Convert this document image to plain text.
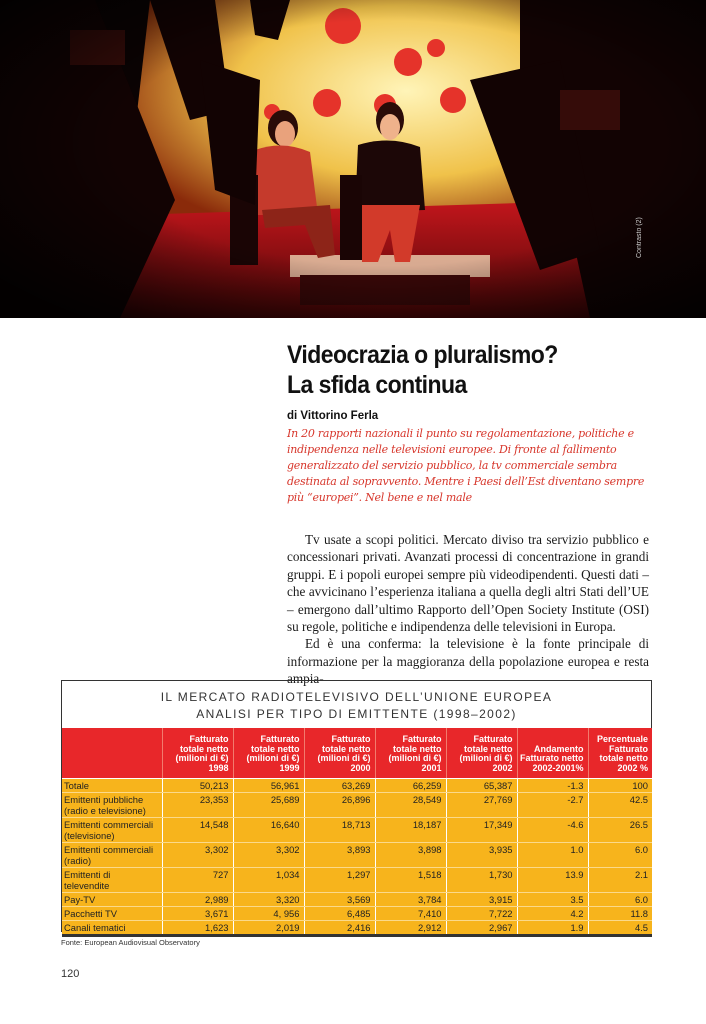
Contrasto (2)
Videocrazia o pluralismo?
La sfida continua
di Vittorino Ferla

In 20 rapporti nazionali il punto su regolamentazione, politiche e indipendenza nelle televisioni europee. Di fronte al fallimento generalizzato del servizio pubblico, la tv commerciale sembra destinata al sopravvento. Mentre i Paesi dell’Est diventano sempre più “europei”. Nel bene e nel male

Tv usate a scopi politici. Mercato diviso tra servizio pubblico e concessionari privati. Avanzati processi di concentrazione in grandi gruppi. E i popoli europei sempre più videodipendenti. Questi dati – che avvicinano l’esperienza italiana a quella degli altri Stati dell’UE – emergono dall’ultimo Rapporto dell’Open Society Institute (OSI) su regole, politiche e indipendenza delle televisioni in Europa.

Ed è una conferma: la televisione è la fonte principale di informazione per la maggioranza della popolazione europea e resta ampia-

IL MERCATO RADIOTELEVISIVO DELL’UNIONE EUROPEA
ANALISI PER TIPO DI EMITTENTE (1998–2002)
	Fatturato totale netto (milioni di €) 1998	Fatturato totale netto (milioni di €) 1999	Fatturato totale netto (milioni di €) 2000	Fatturato totale netto (milioni di €) 2001	Fatturato totale netto (milioni di €) 2002	Andamento Fatturato netto 2002-2001%	Percentuale Fatturato totale netto 2002 %
Totale	50,213	56,961	63,269	66,259	65,387	-1.3	100
Emittenti pubbliche (radio e televisione)	23,353	25,689	26,896	28,549	27,769	-2.7	42.5
Emittenti commerciali (televisione)	14,548	16,640	18,713	18,187	17,349	-4.6	26.5
Emittenti commerciali (radio)	3,302	3,302	3,893	3,898	3,935	1.0	6.0
Emittenti di televendite	727	1,034	1,297	1,518	1,730	13.9	2.1
Pay-TV	2,989	3,320	3,569	3,784	3,915	3.5	6.0
Pacchetti TV	3,671	4, 956	6,485	7,410	7,722	4.2	11.8
Canali tematici	1,623	2,019	2,416	2,912	2,967	1.9	4.5
Fonte: European Audiovisual Observatory
120
